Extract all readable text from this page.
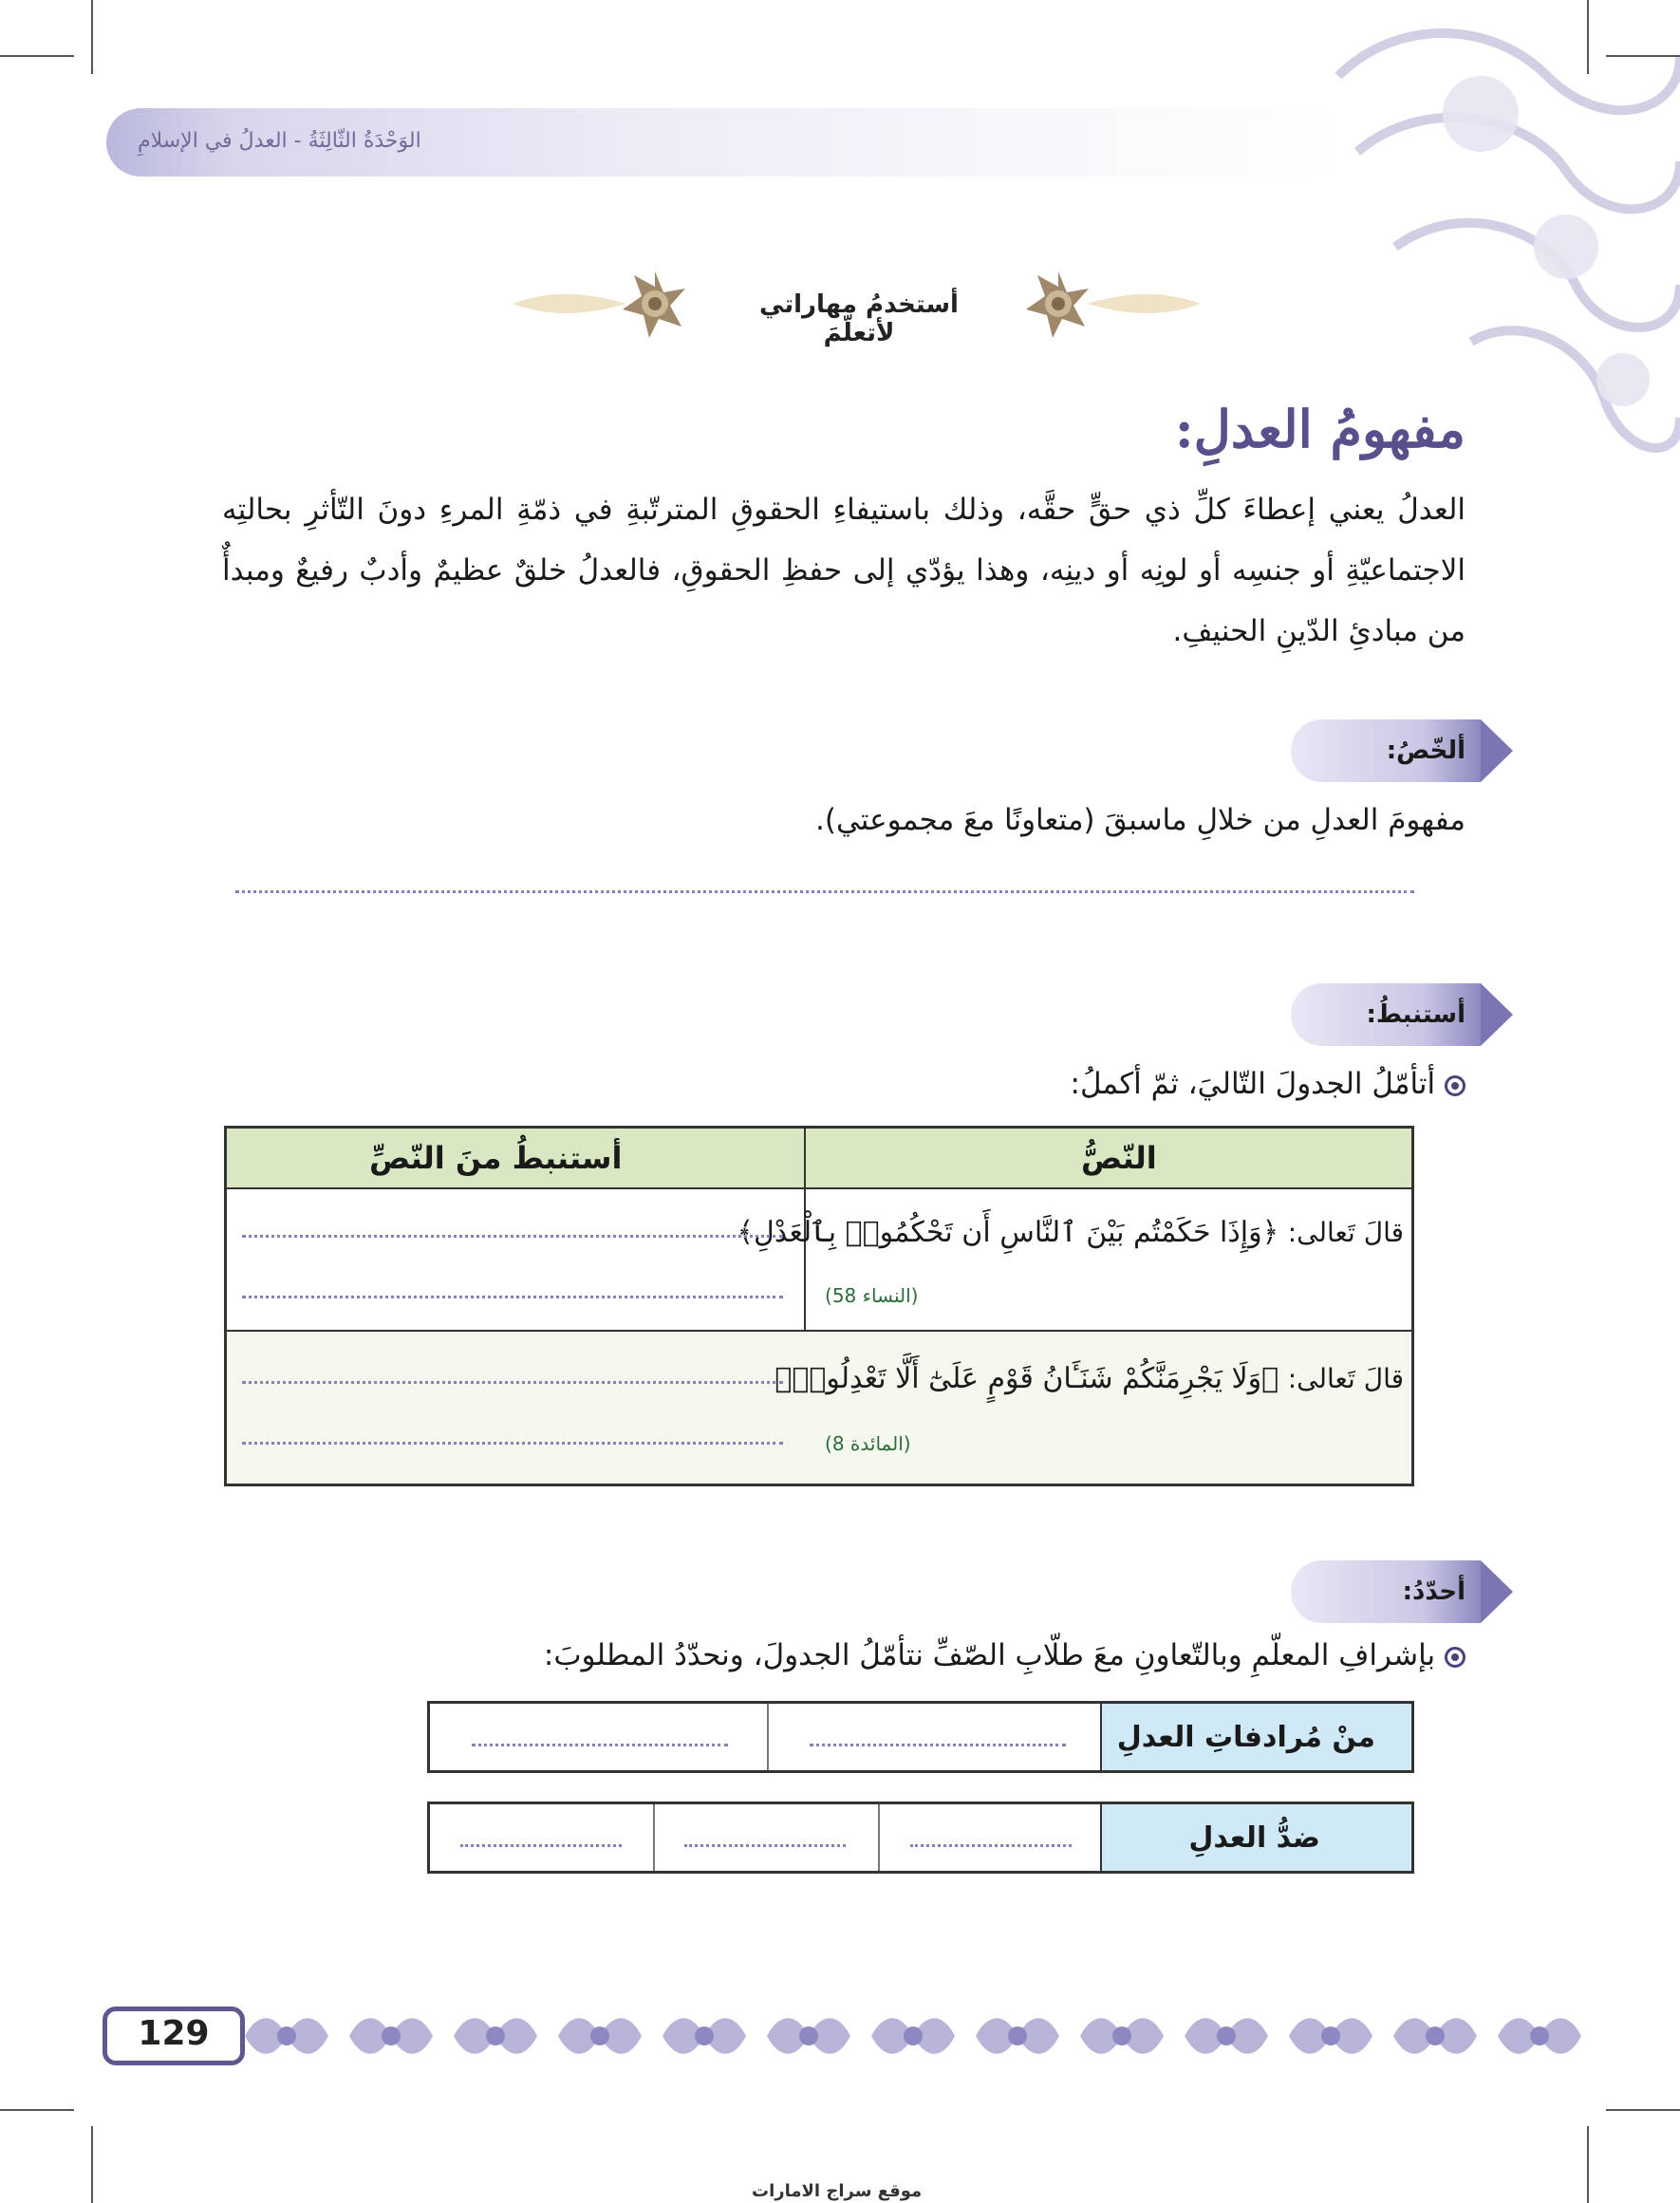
الوَحْدَةُ الثّالِثَةُ - العدلُ في الإسلامِ
أستخدمُ مهاراتي لأتعلّمَ
مفهومُ العدلِ:
العدلُ يعني إعطاءَ كلِّ ذي حقٍّ حقَّه، وذلك باستيفاءِ الحقوقِ المترتّبةِ في ذمّةِ المرءِ دونَ التّأثرِ بحالتِه الاجتماعيّةِ أو جنسِه أو لونِه أو دينِه، وهذا يؤدّي إلى حفظِ الحقوقِ، فالعدلُ خلقٌ عظيمٌ وأدبٌ رفيعٌ ومبدأٌ من مبادئِ الدّينِ الحنيفِ.
ألخّصُ:
مفهومَ العدلِ من خلالِ ماسبقَ (متعاونًا معَ مجموعتي).
أستنبطُ:
أتأمّلُ الجدولَ التّاليَ، ثمّ أكملُ:
النّصُّ
أستنبطُ منَ النّصِّ
قالَ تَعالى: ﴿وَإِذَا حَكَمْتُم بَيْنَ ٱلنَّاسِ أَن تَحْكُمُوا۟ بِٱلْعَدْلِ﴾
(النساء 58)
قالَ تَعالى: ﴿وَلَا يَجْرِمَنَّكُمْ شَنَـَٔانُ قَوْمٍ عَلَىٰٓ أَلَّا تَعْدِلُوا۟﴾
(المائدة 8)
أحدّدُ:
بإشرافِ المعلّمِ وبالتّعاونِ معَ طلّابِ الصّفِّ نتأمّلُ الجدولَ، ونحدّدُ المطلوبَ:
منْ مُرادفاتِ العدلِ
ضدُّ العدلِ
129
موقع سراج الامارات
